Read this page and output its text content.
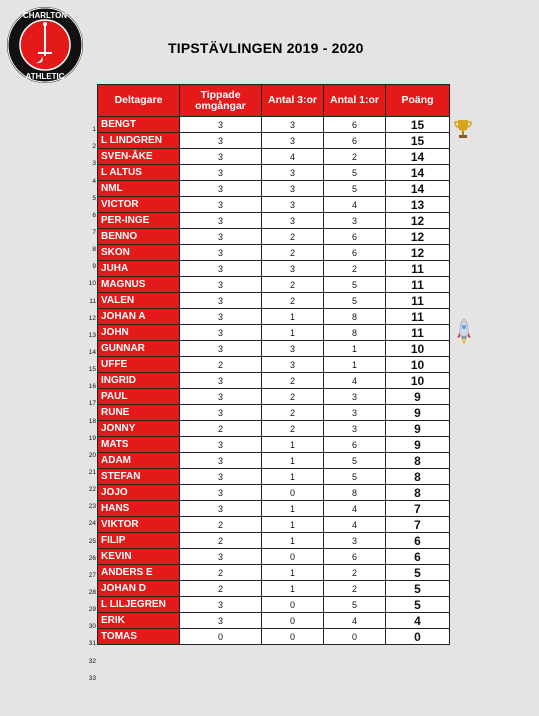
CHARLTON
ATHLETIC
TIPSTÄVLINGEN 2019 - 2020
Deltagare	Tippade omgångar	Antal 3:or	Antal 1:or	Poäng
BENGT	3	3	6	15
L LINDGREN	3	3	6	15
SVEN-ÅKE	3	4	2	14
L ALTUS	3	3	5	14
NML	3	3	5	14
VICTOR	3	3	4	13
PER-INGE	3	3	3	12
BENNO	3	2	6	12
SKON	3	2	6	12
JUHA	3	3	2	11
MAGNUS	3	2	5	11
VALEN	3	2	5	11
JOHAN A	3	1	8	11
JOHN	3	1	8	11
GUNNAR	3	3	1	10
UFFE	2	3	1	10
INGRID	3	2	4	10
PAUL	3	2	3	9
RUNE	3	2	3	9
JONNY	2	2	3	9
MATS	3	1	6	9
ADAM	3	1	5	8
STEFAN	3	1	5	8
JOJO	3	0	8	8
HANS	3	1	4	7
VIKTOR	2	1	4	7
FILIP	2	1	3	6
KEVIN	3	0	6	6
ANDERS E	2	1	2	5
JOHAN D	2	1	2	5
L LILJEGREN	3	0	5	5
ERIK	3	0	4	4
TOMAS	0	0	0	0
1
2
3
4
5
6
7
8
9
10
11
12
13
14
15
16
17
18
19
20
21
22
23
24
25
26
27
28
29
30
31
32
33
